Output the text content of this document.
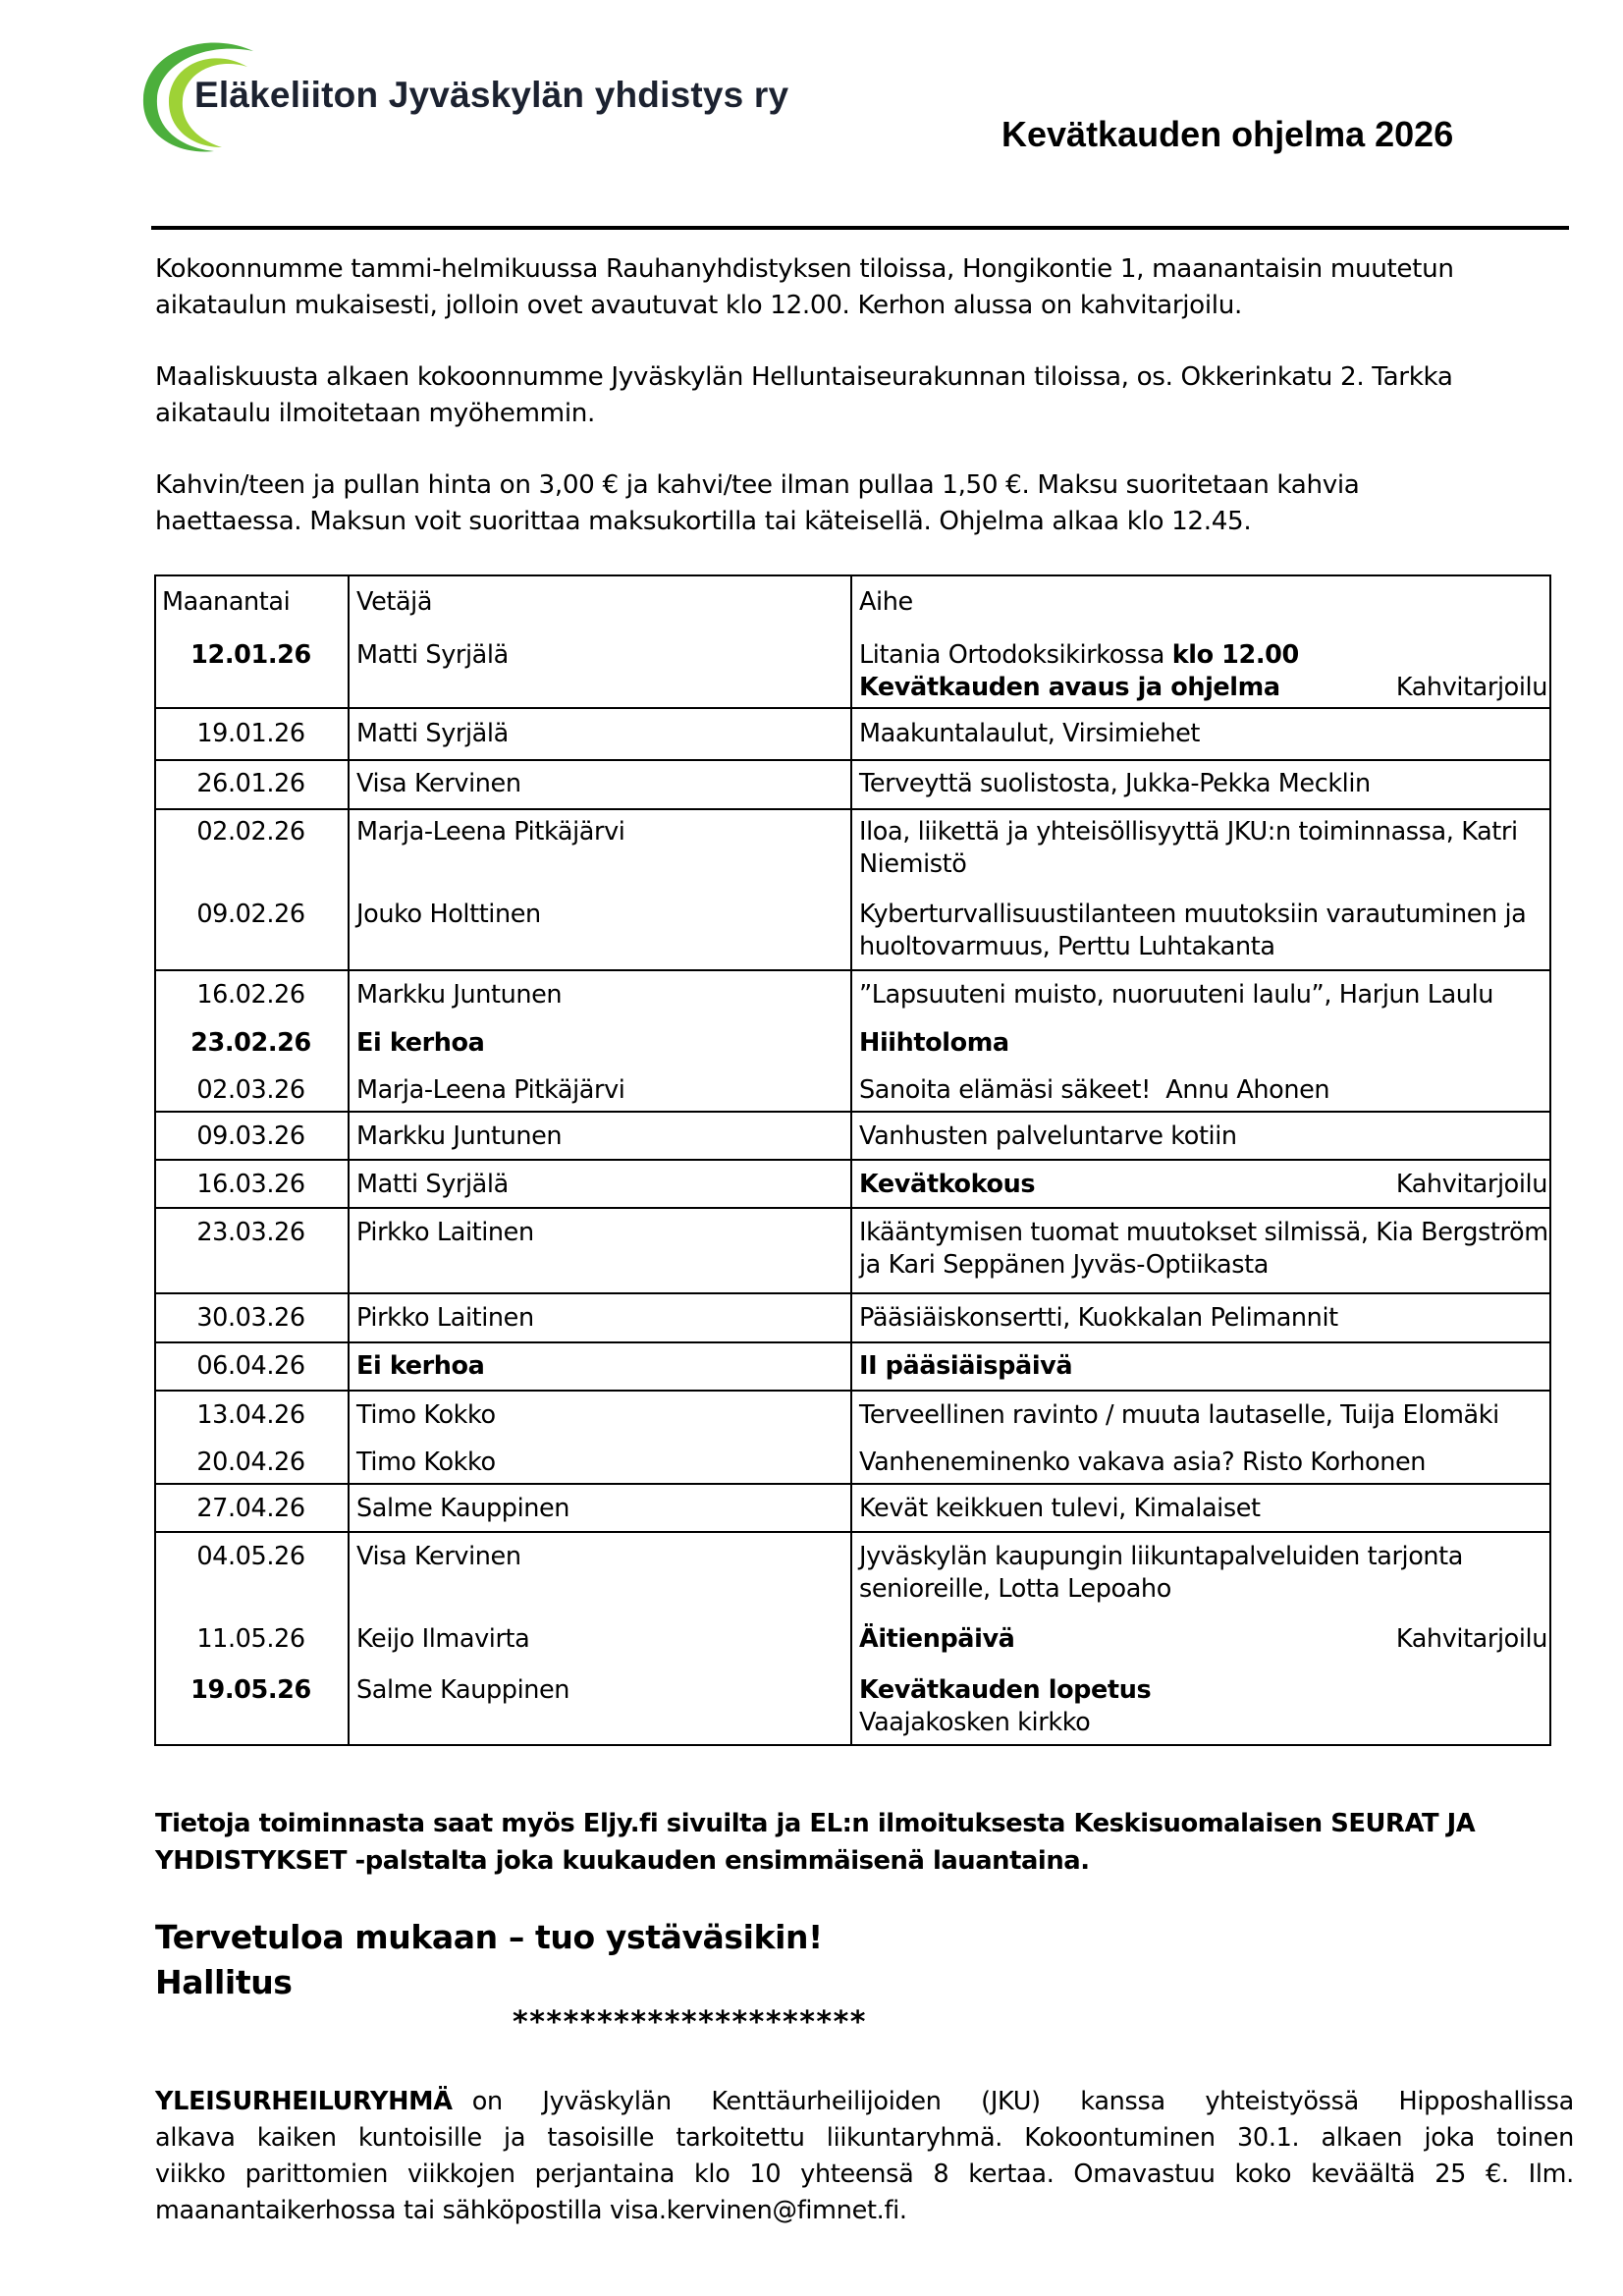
Eläkeliiton Jyväskylän yhdistys ry
Kevätkauden ohjelma 2026
Kokoonnumme tammi-helmikuussa Rauhanyhdistyksen tiloissa, Hongikontie 1, maanantaisin muutetun
aikataulun mukaisesti, jolloin ovet avautuvat klo 12.00. Kerhon alussa on kahvitarjoilu.
Maaliskuusta alkaen kokoonnumme Jyväskylän Helluntaiseurakunnan tiloissa, os. Okkerinkatu 2. Tarkka
aikataulu ilmoitetaan myöhemmin.
Kahvin/teen ja pullan hinta on 3,00 € ja kahvi/tee ilman pullaa 1,50 €. Maksu suoritetaan kahvia
haettaessa. Maksun voit suorittaa maksukortilla tai käteisellä. Ohjelma alkaa klo 12.45.
Maanantai	Vetäjä	Aihe
12.01.26	Matti Syrjälä	Litania Ortodoksikirkossa klo 12.00
Kevätkauden avaus ja ohjelma	Kahvitarjoilu
19.01.26	Matti Syrjälä	Maakuntalaulut, Virsimiehet
26.01.26	Visa Kervinen	Terveyttä suolistosta, Jukka-Pekka Mecklin
02.02.26	Marja-Leena Pitkäjärvi	Iloa, liikettä ja yhteisöllisyyttä JKU:n toiminnassa, Katri
Niemistö
09.02.26	Jouko Holttinen	Kyberturvallisuustilanteen muutoksiin varautuminen ja
huoltovarmuus, Perttu Luhtakanta
16.02.26	Markku Juntunen	”Lapsuuteni muisto, nuoruuteni laulu”, Harjun Laulu
23.02.26	Ei kerhoa	Hiihtoloma
02.03.26	Marja-Leena Pitkäjärvi	Sanoita elämäsi säkeet!  Annu Ahonen
09.03.26	Markku Juntunen	Vanhusten palveluntarve kotiin
16.03.26	Matti Syrjälä	Kevätkokous	Kahvitarjoilu
23.03.26	Pirkko Laitinen	Ikääntymisen tuomat muutokset silmissä, Kia Bergström
ja Kari Seppänen Jyväs-Optiikasta
30.03.26	Pirkko Laitinen	Pääsiäiskonsertti, Kuokkalan Pelimannit
06.04.26	Ei kerhoa	II pääsiäispäivä
13.04.26	Timo Kokko	Terveellinen ravinto / muuta lautaselle, Tuija Elomäki
20.04.26	Timo Kokko	Vanheneminenko vakava asia? Risto Korhonen
27.04.26	Salme Kauppinen	Kevät keikkuen tulevi, Kimalaiset
04.05.26	Visa Kervinen	Jyväskylän kaupungin liikuntapalveluiden tarjonta
senioreille, Lotta Lepoaho
11.05.26	Keijo Ilmavirta	Äitienpäivä	Kahvitarjoilu
19.05.26	Salme Kauppinen	Kevätkauden lopetus
Vaajakosken kirkko
Tietoja toiminnasta saat myös Eljy.fi sivuilta ja EL:n ilmoituksesta Keskisuomalaisen SEURAT JA
YHDISTYKSET -palstalta joka kuukauden ensimmäisenä lauantaina.
Tervetuloa mukaan – tuo ystäväsikin!
Hallitus
*********************
YLEISURHEILURYHMÄ on Jyväskylän Kenttäurheilijoiden (JKU) kanssa yhteistyössä Hipposhallissa
alkava kaiken kuntoisille ja tasoisille tarkoitettu liikuntaryhmä. Kokoontuminen 30.1. alkaen joka toinen
viikko parittomien viikkojen perjantaina klo 10 yhteensä 8 kertaa. Omavastuu koko keväältä 25 €. Ilm.
maanantaikerhossa tai sähköpostilla visa.kervinen@fimnet.fi.
